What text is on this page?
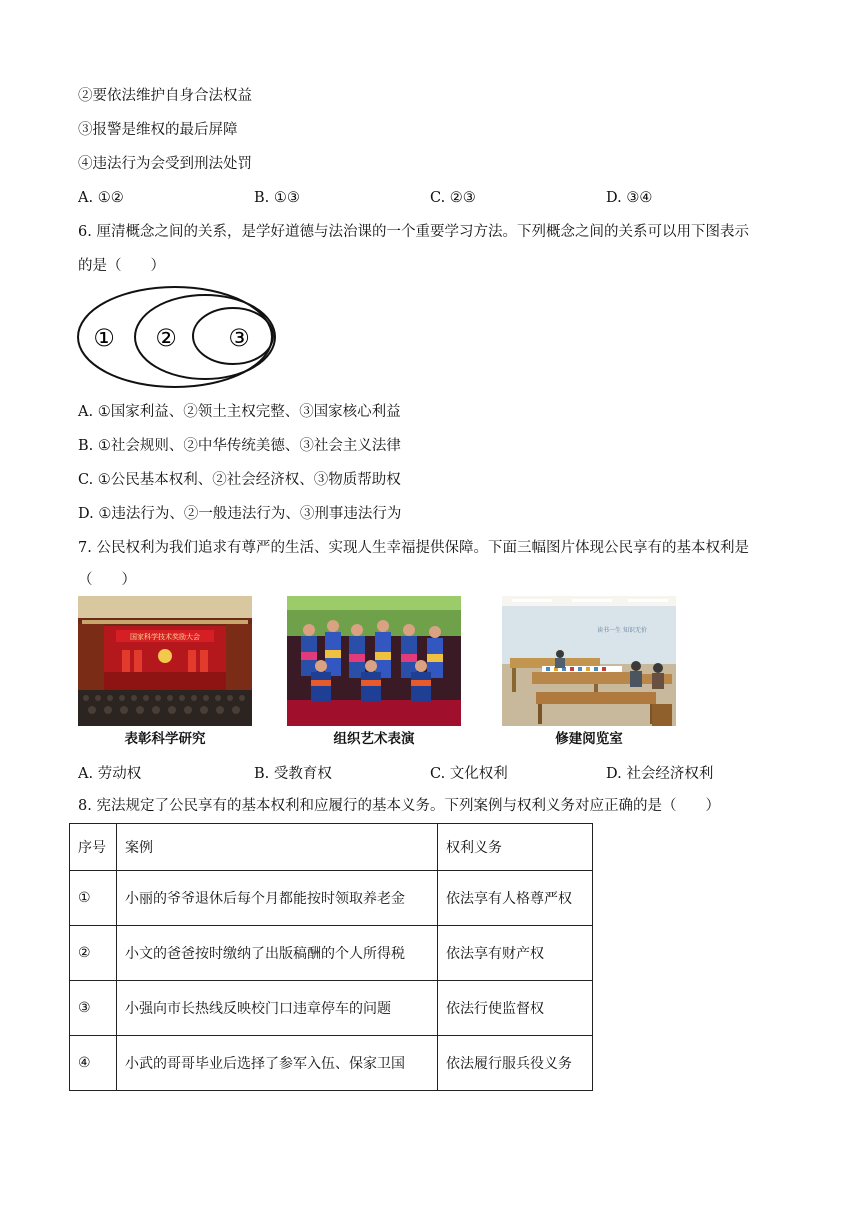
②要依法维护自身合法权益
③报警是维权的最后屏障
④违法行为会受到刑法处罚
A. ①②	B. ①③	C. ②③	D. ③④
6. 厘清概念之间的关系，是学好道德与法治课的一个重要学习方法。下列概念之间的关系可以用下图表示
的是（　　）
① ② ③
A. ①国家利益、②领土主权完整、③国家核心利益
B. ①社会规则、②中华传统美德、③社会主义法律
C. ①公民基本权利、②社会经济权、③物质帮助权
D. ①违法行为、②一般违法行为、③刑事违法行为
7. 公民权利为我们追求有尊严的生活、实现人生幸福提供保障。下面三幅图片体现公民享有的基本权利是
（　　）
国家科学技术奖励大会
表彰科学研究	组织艺术表演
读书一生 知识无价
修建阅览室
A. 劳动权	B. 受教育权	C. 文化权利	D. 社会经济权利
8. 宪法规定了公民享有的基本权利和应履行的基本义务。下列案例与权利义务对应正确的是（　　）
序号	案例	权利义务
①	小丽的爷爷退休后每个月都能按时领取养老金	依法享有人格尊严权
②	小文的爸爸按时缴纳了出版稿酬的个人所得税	依法享有财产权
③	小强向市长热线反映校门口违章停车的问题	依法行使监督权
④	小武的哥哥毕业后选择了参军入伍、保家卫国	依法履行服兵役义务
